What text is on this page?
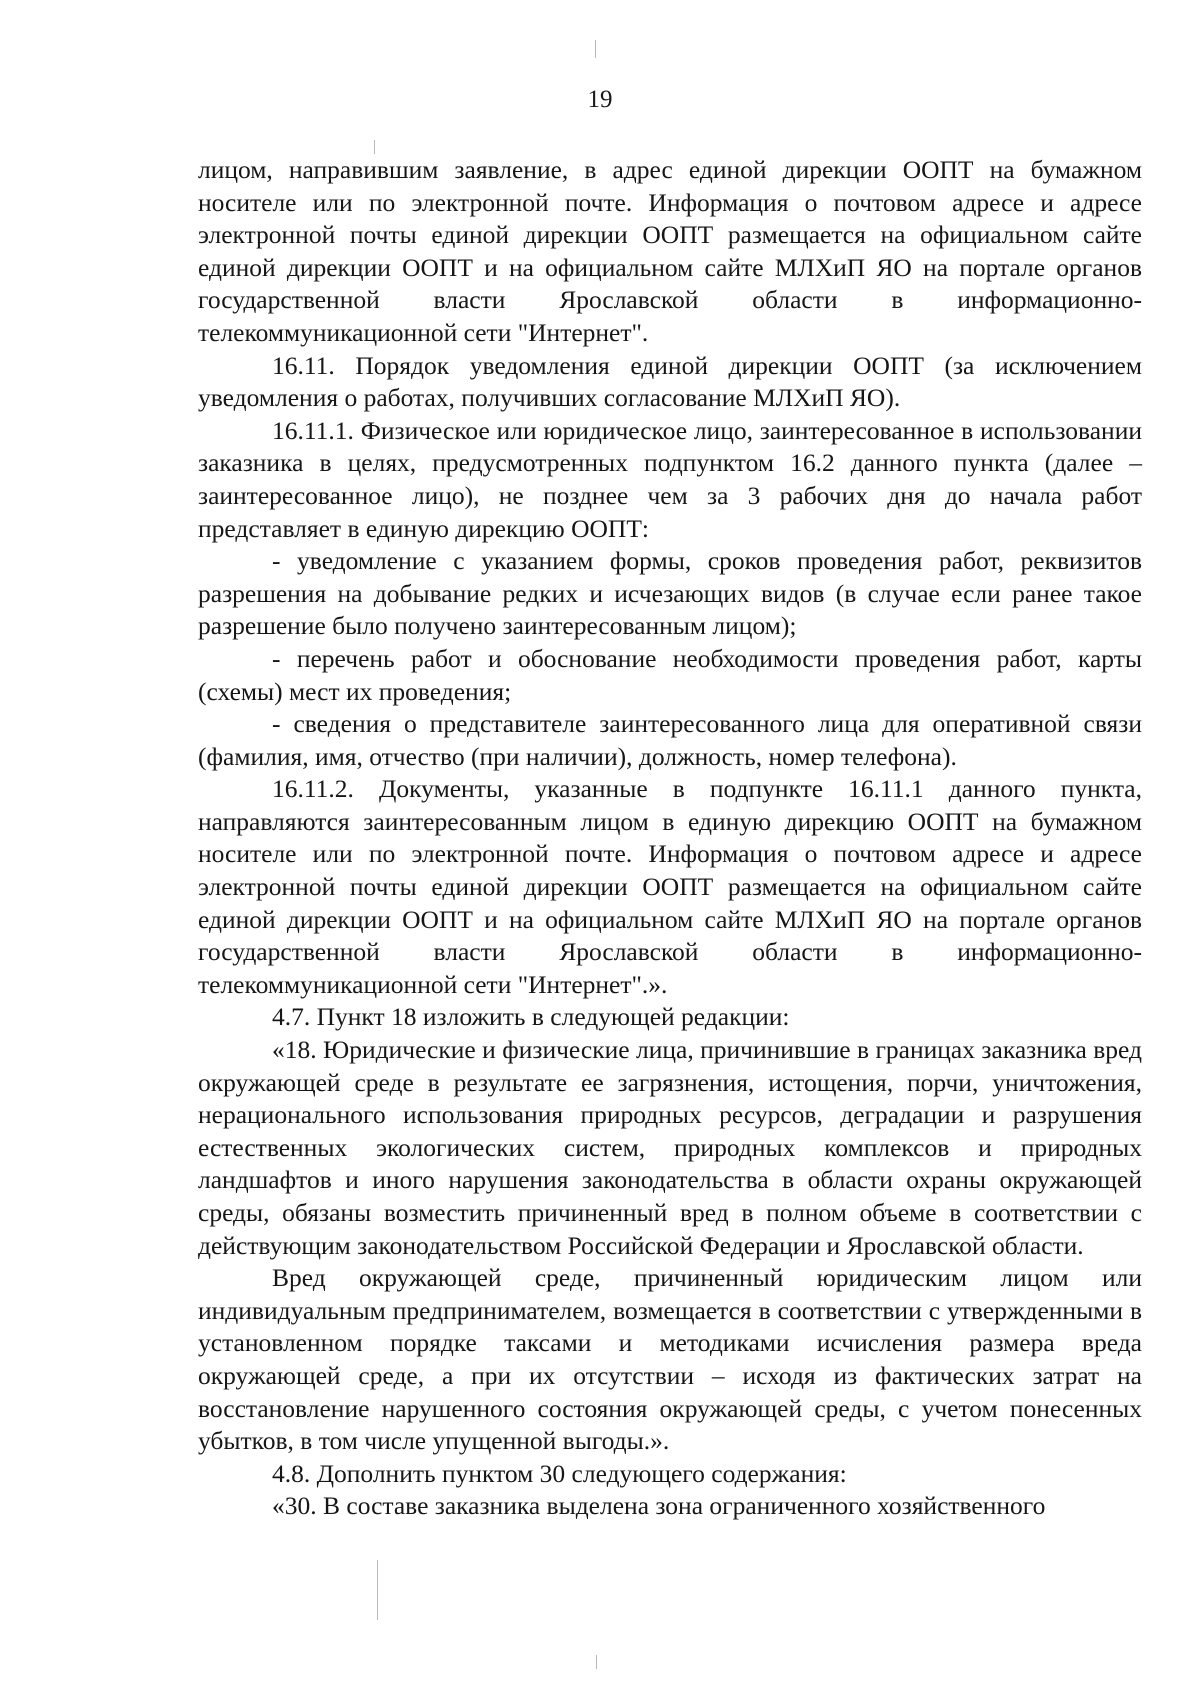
19

лицом, направившим заявление, в адрес единой дирекции ООПТ на бумажном носителе или по электронной почте. Информация о почтовом адресе и адресе электронной почты единой дирекции ООПТ размещается на официальном сайте единой дирекции ООПТ и на официальном сайте МЛХиП ЯО на портале органов государственной власти Ярославской области в информационно-телекоммуникационной сети "Интернет".

16.11. Порядок уведомления единой дирекции ООПТ (за исключением уведомления о работах, получивших согласование МЛХиП ЯО).

16.11.1. Физическое или юридическое лицо, заинтересованное в использовании заказника в целях, предусмотренных подпунктом 16.2 данного пункта (далее – заинтересованное лицо), не позднее чем за 3 рабочих дня до начала работ представляет в единую дирекцию ООПТ:

- уведомление с указанием формы, сроков проведения работ, реквизитов разрешения на добывание редких и исчезающих видов (в случае если ранее такое разрешение было получено заинтересованным лицом);

- перечень работ и обоснование необходимости проведения работ, карты (схемы) мест их проведения;

- сведения о представителе заинтересованного лица для оперативной связи (фамилия, имя, отчество (при наличии), должность, номер телефона).

16.11.2. Документы, указанные в подпункте 16.11.1 данного пункта, направляются заинтересованным лицом в единую дирекцию ООПТ на бумажном носителе или по электронной почте. Информация о почтовом адресе и адресе электронной почты единой дирекции ООПТ размещается на официальном сайте единой дирекции ООПТ и на официальном сайте МЛХиП ЯО на портале органов государственной власти Ярославской области в информационно-телекоммуникационной сети "Интернет".».

4.7. Пункт 18 изложить в следующей редакции:

«18. Юридические и физические лица, причинившие в границах заказника вред окружающей среде в результате ее загрязнения, истощения, порчи, уничтожения, нерационального использования природных ресурсов, деградации и разрушения естественных экологических систем, природных комплексов и природных ландшафтов и иного нарушения законодательства в области охраны окружающей среды, обязаны возместить причиненный вред в полном объеме в соответствии с действующим законодательством Российской Федерации и Ярославской области.

Вред окружающей среде, причиненный юридическим лицом или индивидуальным предпринимателем, возмещается в соответствии с утвержденными в установленном порядке таксами и методиками исчисления размера вреда окружающей среде, а при их отсутствии – исходя из фактических затрат на восстановление нарушенного состояния окружающей среды, с учетом понесенных убытков, в том числе упущенной выгоды.».

4.8. Дополнить пунктом 30 следующего содержания:

«30. В составе заказника выделена зона ограниченного хозяйственного
